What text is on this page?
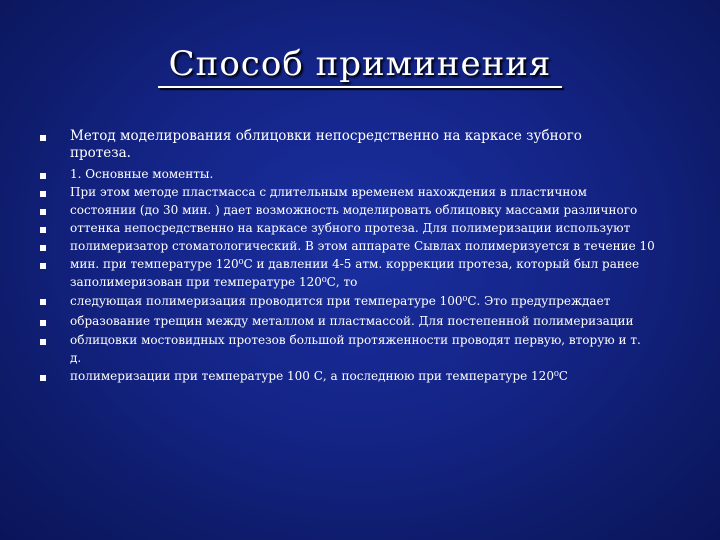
Способ приминения
Метод моделирования облицовки непосредственно на каркасе зубного
протеза.
1. Основные моменты.
При этом методе пластмасса с длительным временем нахождения в пластичном
состоянии (до 30 мин. ) дает возможность моделировать облицовку массами различного
оттенка непосредственно на каркасе зубного протеза. Для полимеризации используют
полимеризатор стоматологический. В этом аппарате Сывлах полимеризуется в течение 10
мин. при температуре 120⁰С и давлении 4-5 атм. коррекции протеза, который был ранее
заполимеризован при температуре 120⁰С, то
следующая полимеризация проводится при температуре 100⁰С. Это предупреждает
образование трещин между металлом и пластмассой. Для постепенной полимеризации
облицовки мостовидных протезов большой протяженности проводят первую, вторую и т.
д.
полимеризации при температуре 100 С, а последнюю при температуре 120⁰С
